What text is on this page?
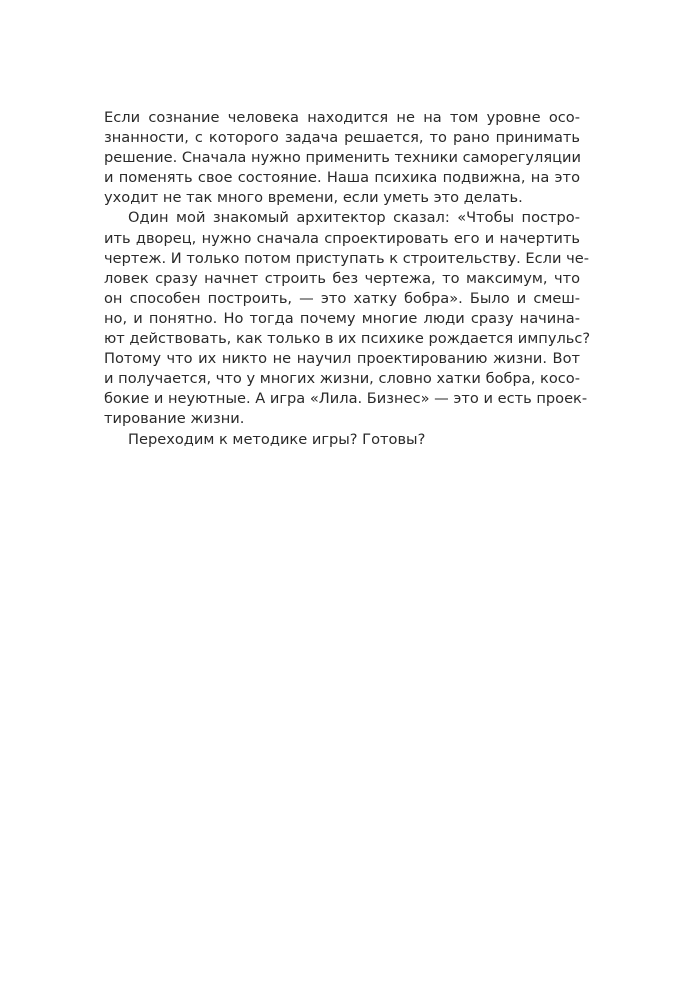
Если сознание человека находится не на том уровне осо-
знанности, с которого задача решается, то рано принимать
решение. Сначала нужно применить техники саморегуляции
и поменять свое состояние. Наша психика подвижна, на это
уходит не так много времени, если уметь это делать.
Один мой знакомый архитектор сказал: «Чтобы постро-
ить дворец, нужно сначала спроектировать его и начертить
чертеж. И только потом приступать к строительству. Если че-
ловек сразу начнет строить без чертежа, то максимум, что
он способен построить, — это хатку бобра». Было и смеш-
но, и понятно. Но тогда почему многие люди сразу начина-
ют действовать, как только в их психике рождается импульс?
Потому что их никто не научил проектированию жизни. Вот
и получается, что у многих жизни, словно хатки бобра, косо-
бокие и неуютные. А игра «Лила. Бизнес» — это и есть проек-
тирование жизни.
Переходим к методике игры? Готовы?
